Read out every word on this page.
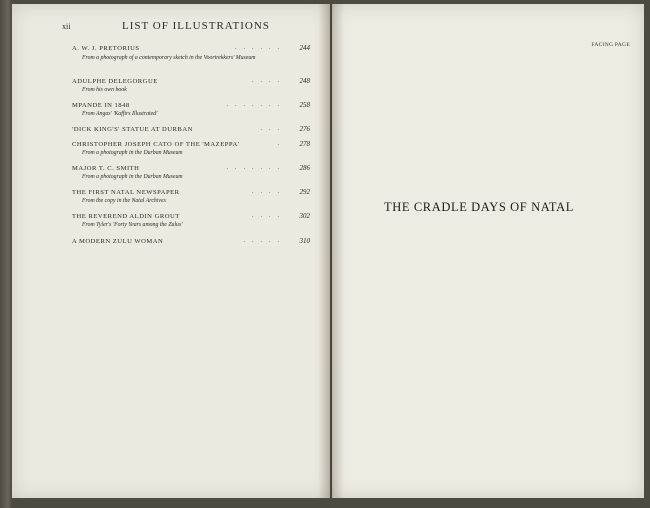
xii	LIST OF ILLUSTRATIONS
FACING PAGE
A. W. J. PRETORIUS	...... 244
From a photograph of a contemporary sketch in the Voortrekkers' Museum
ADULPHE DELEGORGUE	.... 248
From his own book
MPANDE IN 1848	....... 258
From Angas' 'Kaffirs Illustrated'
'DICK KING'S' STATUE AT DURBAN	... 276
CHRISTOPHER JOSEPH CATO OF THE 'MAZEPPA'	. 278
From a photograph in the Durban Museum
MAJOR T. C. SMITH	....... 286
From a photograph in the Durban Museum
THE FIRST NATAL NEWSPAPER	.... 292
From the copy in the Natal Archives
THE REVEREND ALDIN GROUT	.... 302
From Tyler's 'Forty Years among the Zulus'
A MODERN ZULU WOMAN	..... 310
THE CRADLE DAYS OF NATAL
